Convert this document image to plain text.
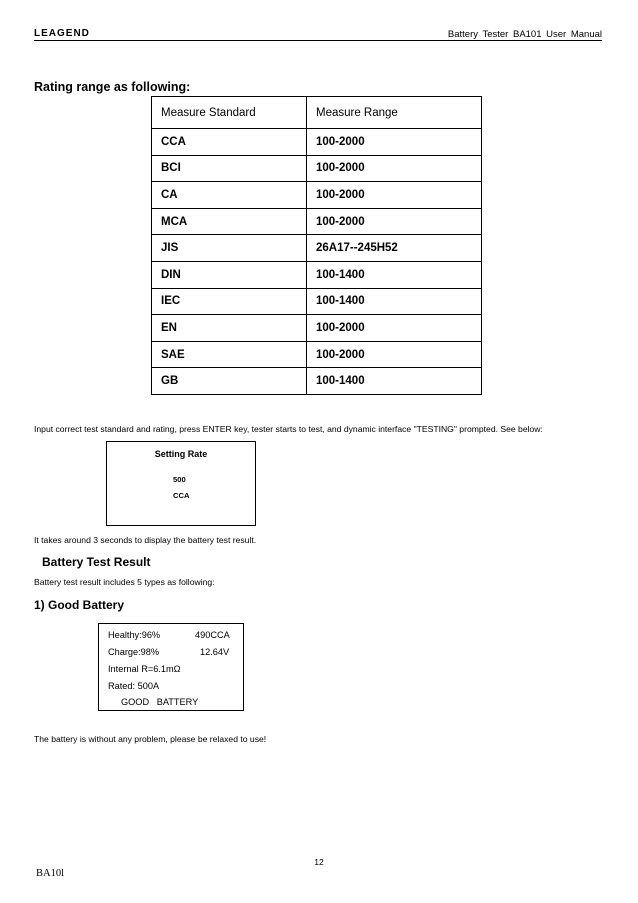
LEAGEND	Battery Tester BA101 User Manual
Rating range as following:
Measure Standard	Measure Range
CCA	100-2000
BCI	100-2000
CA	100-2000
MCA	100-2000
JIS	26A17--245H52
DIN	100-1400
IEC	100-1400
EN	100-2000
SAE	100-2000
GB	100-1400
Input correct test standard and rating, press ENTER key, tester starts to test, and dynamic interface "TESTING" prompted. See below:
Setting Rate
500
CCA
It takes around 3 seconds to display the battery test result.
Battery Test Result
Battery test result includes 5 types as following:
1) Good Battery
Healthy:96%	490CCA
Charge:98%	12.64V
Internal R=6.1mΩ
Rated: 500A
GOOD   BATTERY
The battery is without any problem, please be relaxed to use!
12
BA10l
